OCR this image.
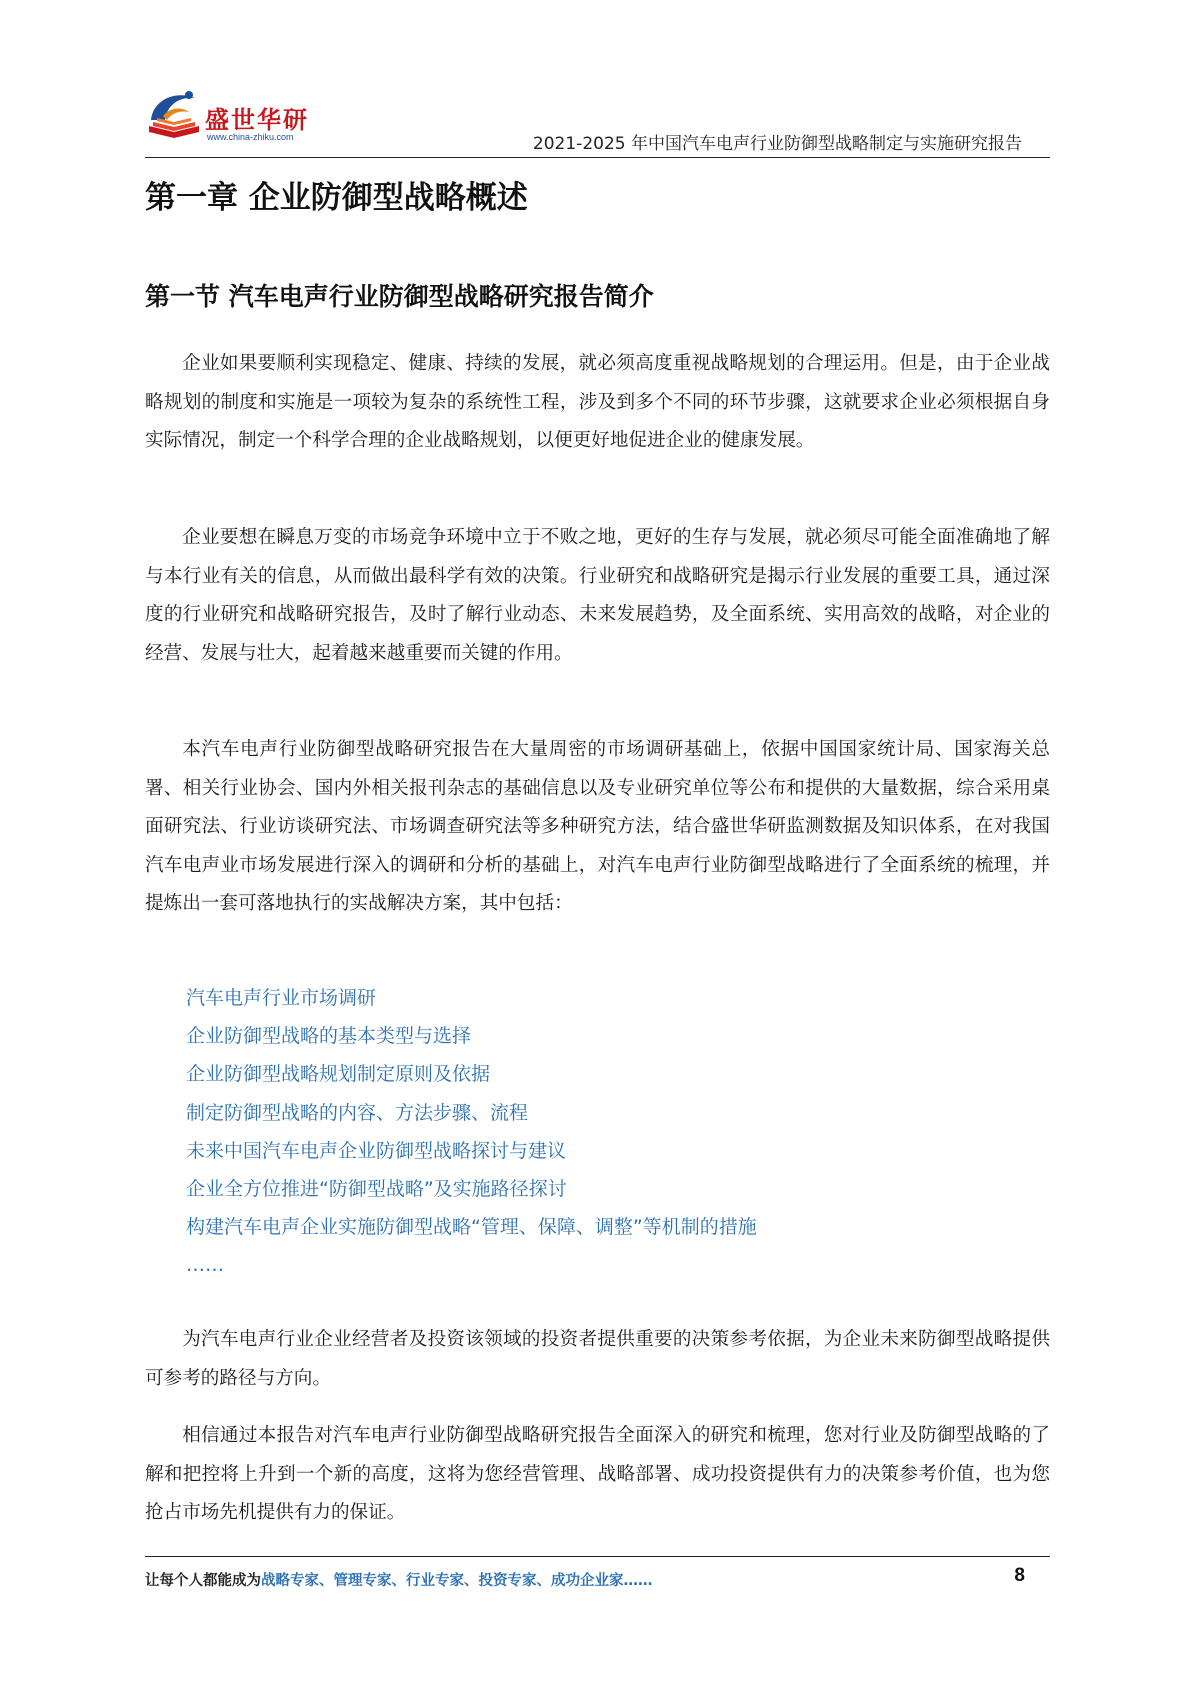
盛世华研
www.china-zhiku.com	2021-2025 年中国汽车电声行业防御型战略制定与实施研究报告
第一章 企业防御型战略概述
第一节 汽车电声行业防御型战略研究报告简介

企业如果要顺利实现稳定、健康、持续的发展，就必须高度重视战略规划的合理运用。但是，由于企业战略规划的制度和实施是一项较为复杂的系统性工程，涉及到多个不同的环节步骤，这就要求企业必须根据自身实际情况，制定一个科学合理的企业战略规划，以便更好地促进企业的健康发展。

企业要想在瞬息万变的市场竞争环境中立于不败之地，更好的生存与发展，就必须尽可能全面准确地了解与本行业有关的信息，从而做出最科学有效的决策。行业研究和战略研究是揭示行业发展的重要工具，通过深度的行业研究和战略研究报告，及时了解行业动态、未来发展趋势，及全面系统、实用高效的战略，对企业的经营、发展与壮大，起着越来越重要而关键的作用。

本汽车电声行业防御型战略研究报告在大量周密的市场调研基础上，依据中国国家统计局、国家海关总署、相关行业协会、国内外相关报刊杂志的基础信息以及专业研究单位等公布和提供的大量数据，综合采用桌面研究法、行业访谈研究法、市场调查研究法等多种研究方法，结合盛世华研监测数据及知识体系，在对我国汽车电声业市场发展进行深入的调研和分析的基础上，对汽车电声行业防御型战略进行了全面系统的梳理，并提炼出一套可落地执行的实战解决方案，其中包括：

汽车电声行业市场调研
企业防御型战略的基本类型与选择
企业防御型战略规划制定原则及依据
制定防御型战略的内容、方法步骤、流程
未来中国汽车电声企业防御型战略探讨与建议
企业全方位推进“防御型战略”及实施路径探讨
构建汽车电声企业实施防御型战略“管理、保障、调整”等机制的措施
……

为汽车电声行业企业经营者及投资该领域的投资者提供重要的决策参考依据，为企业未来防御型战略提供可参考的路径与方向。

相信通过本报告对汽车电声行业防御型战略研究报告全面深入的研究和梳理，您对行业及防御型战略的了解和把控将上升到一个新的高度，这将为您经营管理、战略部署、成功投资提供有力的决策参考价值，也为您抢占市场先机提供有力的保证。

让每个人都能成为战略专家、管理专家、行业专家、投资专家、成功企业家……	8
